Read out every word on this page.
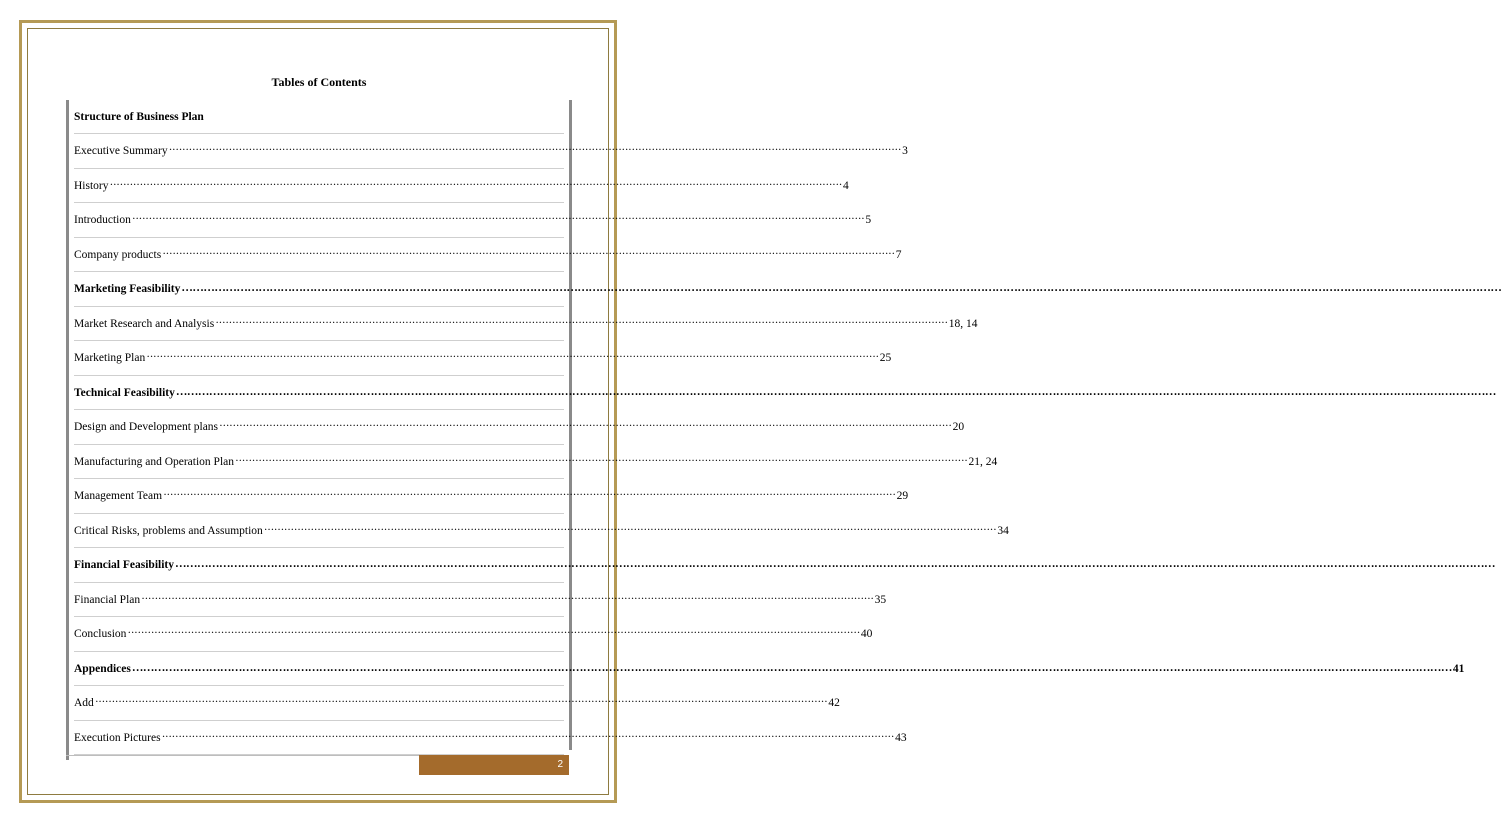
Tables of Contents
Structure of Business Plan
Executive Summary ···························································································································································································································· 3
History ···························································································································································································································· 4
Introduction ···························································································································································································································· 5
Company products ···························································································································································································································· 7
Marketing Feasibility ………………………………………………………………………………………………………………………………………………………………………………………………………………………………………………………………………………………………………………………………
Market Research and Analysis ···························································································································································································································· 18, 14
Marketing Plan ···························································································································································································································· 25
Technical Feasibility ………………………………………………………………………………………………………………………………………………………………………………………………………………………………………………………………………………………………………………………………
Design and Development plans ···························································································································································································································· 20
Manufacturing and Operation Plan ···························································································································································································································· 21, 24
Management Team ···························································································································································································································· 29
Critical Risks, problems and Assumption ···························································································································································································································· 34
Financial Feasibility ………………………………………………………………………………………………………………………………………………………………………………………………………………………………………………………………………………………………………………………………
Financial Plan ···························································································································································································································· 35
Conclusion ···························································································································································································································· 40
Appendices ……………………………………………………………………………………………………………………………………………………………………………………………………………………………………………………………………………………………………………………………… 41
Add ···························································································································································································································· 42
Execution Pictures ···························································································································································································································· 43
2
